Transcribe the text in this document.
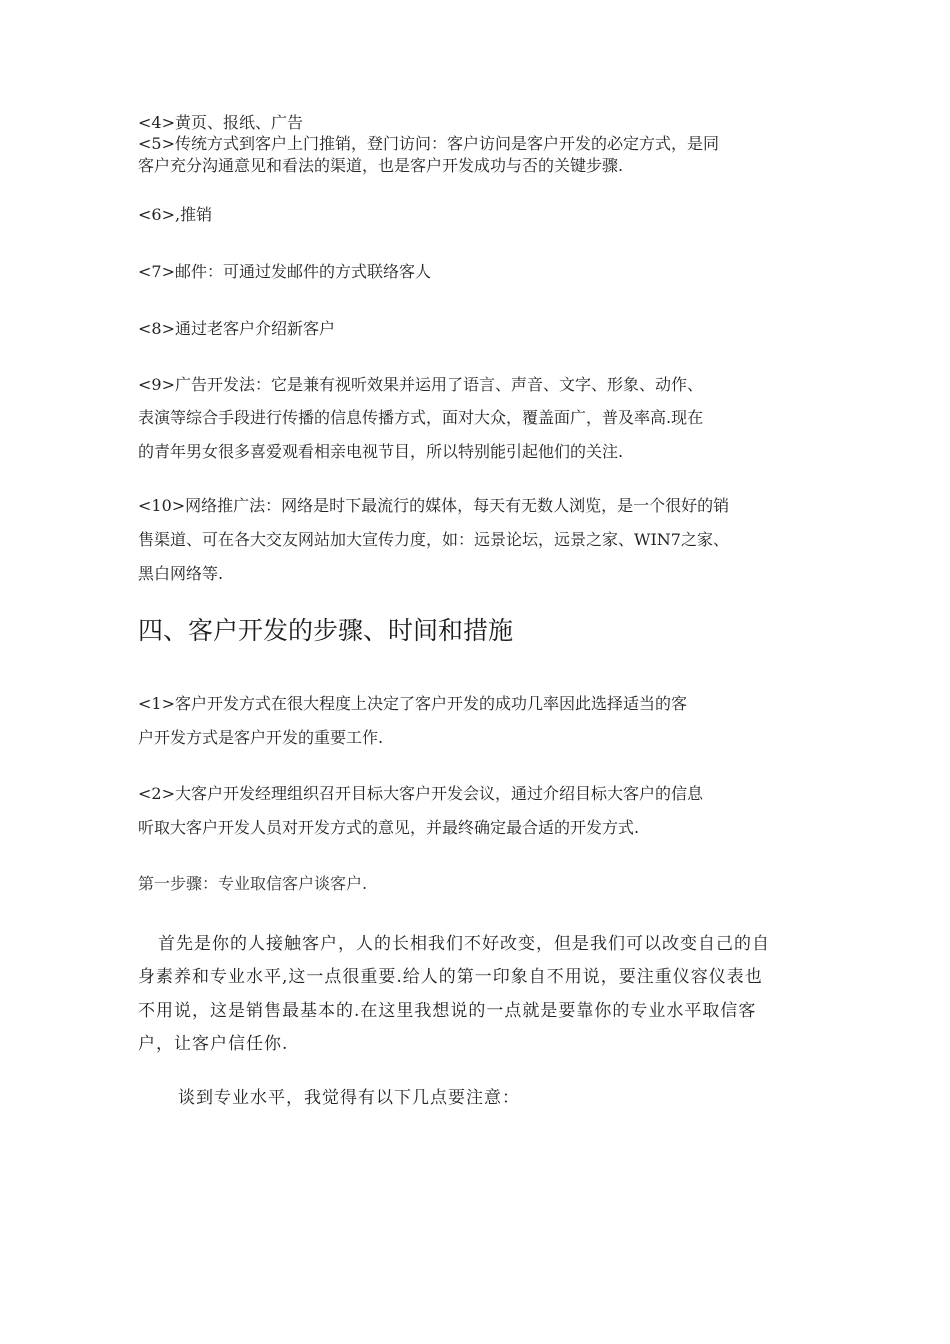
<4>黄页、报纸、广告
<5>传统方式到客户上门推销，登门访问：客户访问是客户开发的必定方式，是同
客户充分沟通意见和看法的渠道，也是客户开发成功与否的关键步骤.
<6>,推销
<7>邮件：可通过发邮件的方式联络客人
<8>通过老客户介绍新客户
<9>广告开发法：它是兼有视听效果并运用了语言、声音、文字、形象、动作、
表演等综合手段进行传播的信息传播方式，面对大众，覆盖面广，普及率高.现在
的青年男女很多喜爱观看相亲电视节目，所以特别能引起他们的关注.
<10>网络推广法：网络是时下最流行的媒体，每天有无数人浏览，是一个很好的销
售渠道、可在各大交友网站加大宣传力度，如：远景论坛，远景之家、WIN7之家、
黑白网络等.
四、客户开发的步骤、时间和措施
<1>客户开发方式在很大程度上决定了客户开发的成功几率因此选择适当的客
户开发方式是客户开发的重要工作.
<2>大客户开发经理组织召开目标大客户开发会议，通过介绍目标大客户的信息
听取大客户开发人员对开发方式的意见，并最终确定最合适的开发方式.
第一步骤：专业取信客户谈客户.
首先是你的人接触客户，人的长相我们不好改变，但是我们可以改变自己的自
身素养和专业水平,这一点很重要.给人的第一印象自不用说，要注重仪容仪表也
不用说，这是销售最基本的.在这里我想说的一点就是要靠你的专业水平取信客
户，让客户信任你.
谈到专业水平，我觉得有以下几点要注意：
